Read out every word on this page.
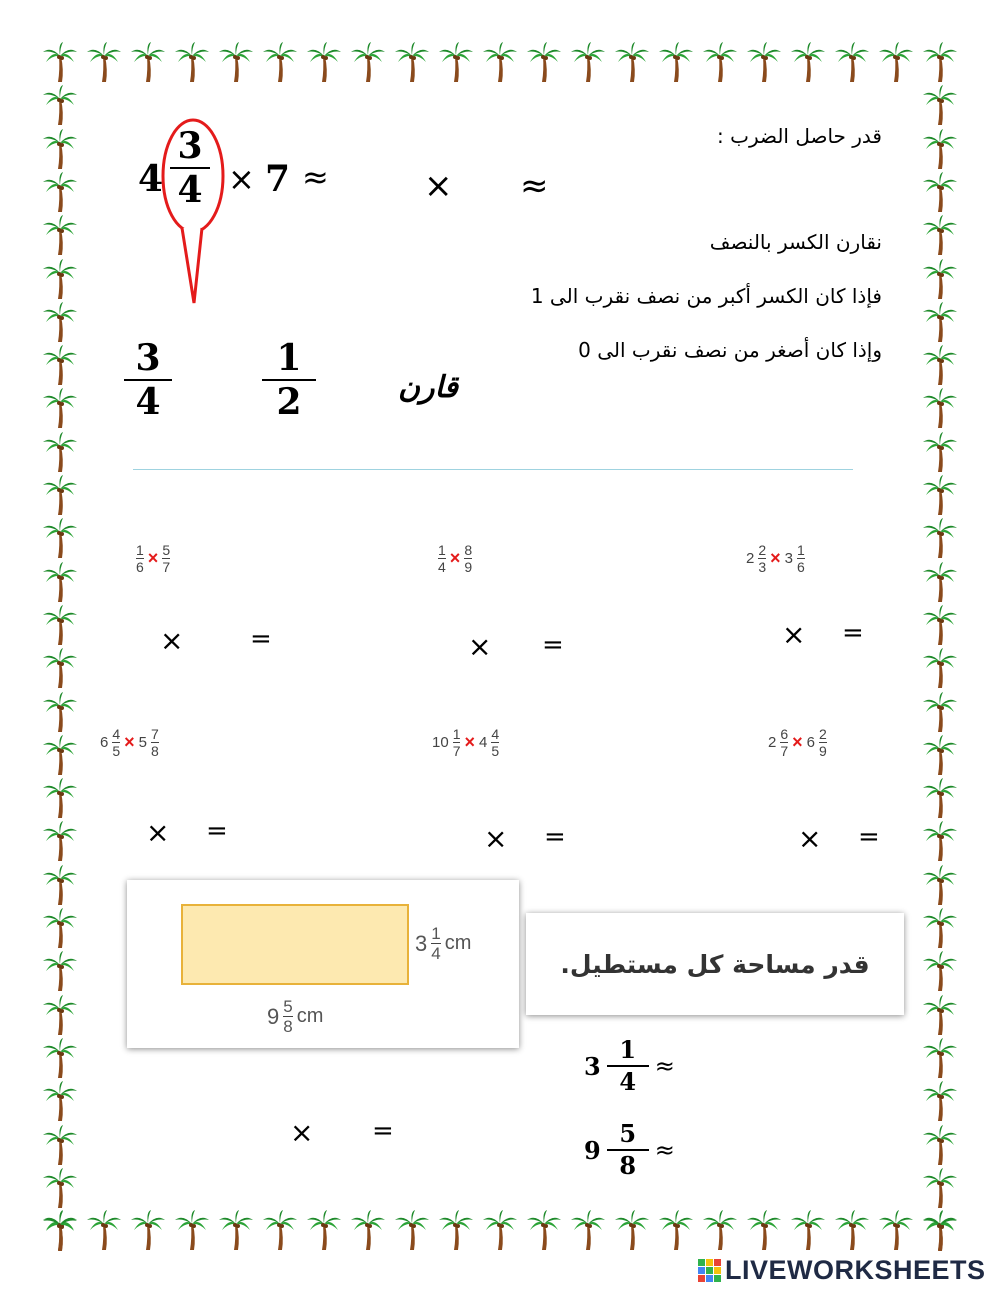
قدر حاصل الضرب :
4
3
4 × 7 ≈	× ≈
نقارن الكسر بالنصف
فإذا كان الكسر أكبر من نصف نقرب الى 1
وإذا كان أصغر من نصف نقرب الى 0
3
4
1
2	قارن
$\frac{1}{6} \times \frac{5}{7}$
×	=
$\frac{1}{4} \times \frac{8}{9}$
× =
$2 \frac{2}{3} \times 3 \frac{1}{6}$
× =
$6 \frac{4}{5} \times 5 \frac{7}{8}$
× =
$10 \frac{1}{7} \times 4 \frac{4}{5}$
× =
$2 \frac{6}{7} \times 6 \frac{2}{9}$
× =
$3 \frac{1}{4}$ cm
$9 \frac{5}{8}$ cm
قدر مساحة كل مستطيل.
$3 \frac{1}{4}$ ≈
$9 \frac{5}{8}$ ≈
× =
LIVEWORKSHEETS
